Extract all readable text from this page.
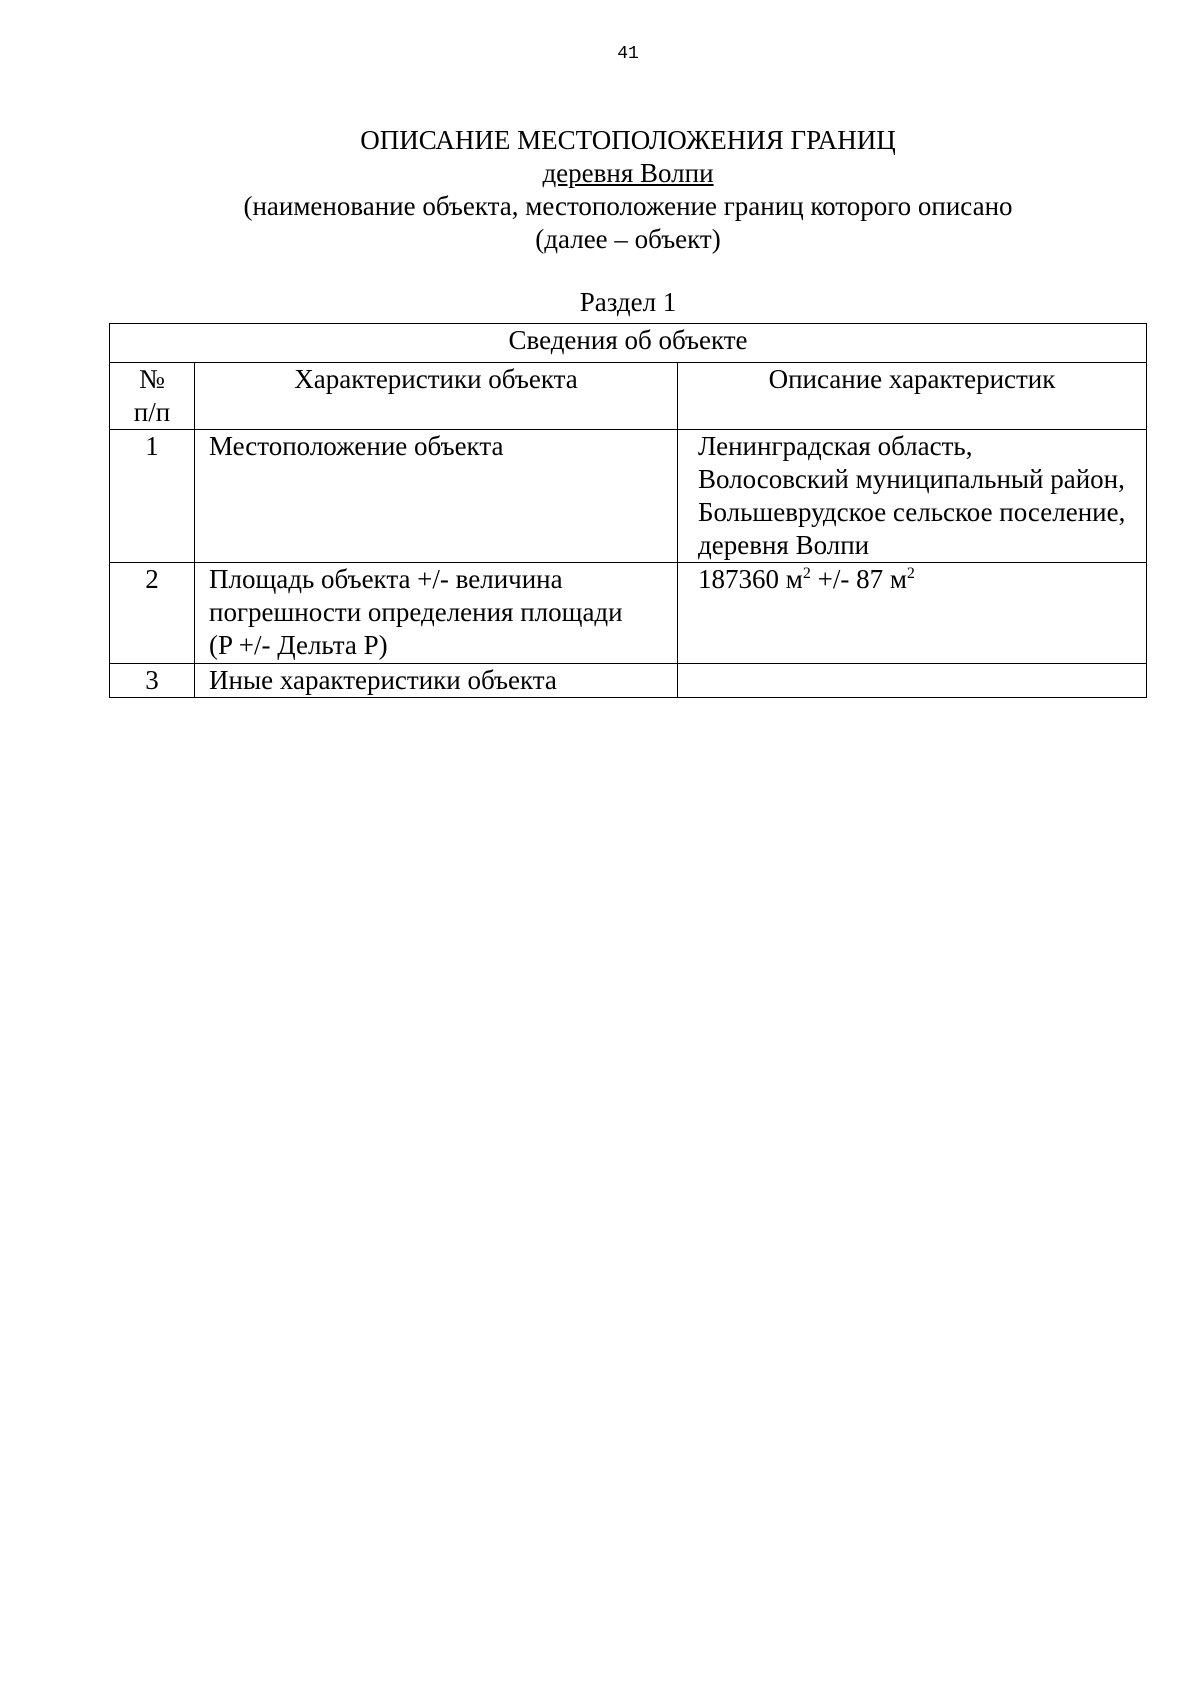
41
ОПИСАНИЕ МЕСТОПОЛОЖЕНИЯ ГРАНИЦ
деревня Волпи
(наименование объекта, местоположение границ которого описано
(далее – объект)
Раздел 1
Сведения об объекте		

№
п/п	Характеристики объекта	Описание характеристик
1	Местоположение объекта	Ленинградская область,
Волосовский муниципальный район,
Большеврудское сельское поселение,
деревня Волпи

2	Площадь объекта +/- величина
погрешности определения площади
(P +/- Дельта P)	187360 $м^2$ +/- 87 $м^2$
3	Иные характеристики объекта	
